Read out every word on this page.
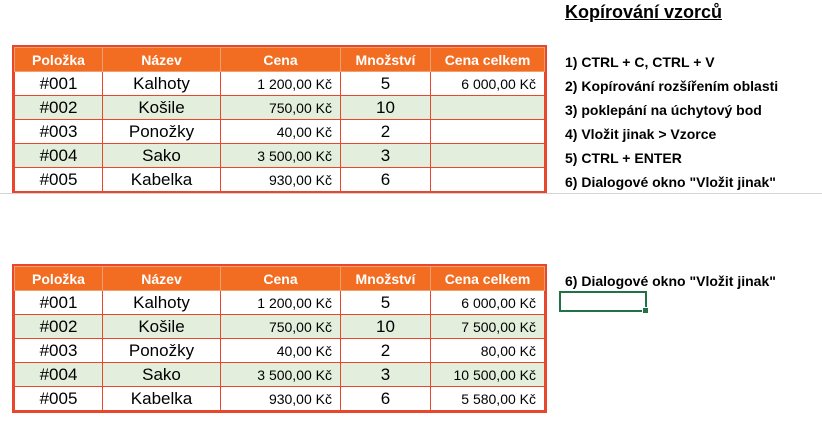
Kopírování vzorců
Položka	Název	Cena	Množství	Cena celkem
#001	Kalhoty	1 200,00 Kč	5	6 000,00 Kč
#002	Košile	750,00 Kč	10	
#003	Ponožky	40,00 Kč	2	
#004	Sako	3 500,00 Kč	3	
#005	Kabelka	930,00 Kč	6	
1) CTRL + C, CTRL + V
2) Kopírování rozšířením oblasti
3) poklepání na úchytový bod
4) Vložit jinak > Vzorce
5) CTRL + ENTER
6) Dialogové okno "Vložit jinak"
Položka	Název	Cena	Množství	Cena celkem
#001	Kalhoty	1 200,00 Kč	5	6 000,00 Kč
#002	Košile	750,00 Kč	10	7 500,00 Kč
#003	Ponožky	40,00 Kč	2	80,00 Kč
#004	Sako	3 500,00 Kč	3	10 500,00 Kč
#005	Kabelka	930,00 Kč	6	5 580,00 Kč
6) Dialogové okno "Vložit jinak"
